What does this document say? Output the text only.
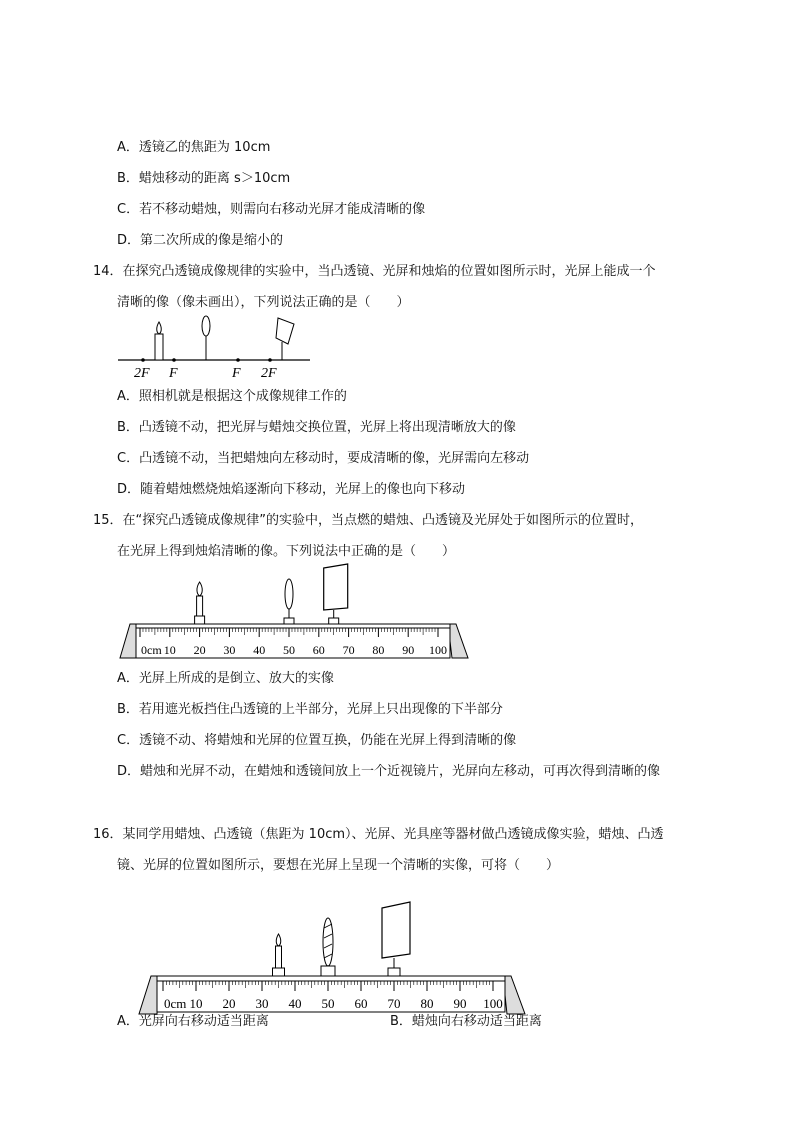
A．透镜乙的焦距为 10cm
B．蜡烛移动的距离 s＞10cm
C．若不移动蜡烛，则需向右移动光屏才能成清晰的像
D．第二次所成的像是缩小的
14．在探究凸透镜成像规律的实验中，当凸透镜、光屏和烛焰的位置如图所示时，光屏上能成一个
清晰的像（像未画出），下列说法正确的是（　　）
2F F	F 2F
A．照相机就是根据这个成像规律工作的
B．凸透镜不动，把光屏与蜡烛交换位置，光屏上将出现清晰放大的像
C．凸透镜不动，当把蜡烛向左移动时，要成清晰的像，光屏需向左移动
D．随着蜡烛燃烧烛焰逐渐向下移动，光屏上的像也向下移动
15．在“探究凸透镜成像规律”的实验中，当点燃的蜡烛、凸透镜及光屏处于如图所示的位置时，
在光屏上得到烛焰清晰的像。下列说法中正确的是（　　）
0cm 10 20 30 40 50 60 70 80 90 100
A．光屏上所成的是倒立、放大的实像
B．若用遮光板挡住凸透镜的上半部分，光屏上只出现像的下半部分
C．透镜不动、将蜡烛和光屏的位置互换，仍能在光屏上得到清晰的像
D．蜡烛和光屏不动，在蜡烛和透镜间放上一个近视镜片，光屏向左移动，可再次得到清晰的像
16．某同学用蜡烛、凸透镜（焦距为 10cm）、光屏、光具座等器材做凸透镜成像实验，蜡烛、凸透
镜、光屏的位置如图所示，要想在光屏上呈现一个清晰的实像，可将（　　）
0cm 10 20 30 40 50 60 70 80 90 100
A．光屏向右移动适当距离	B．蜡烛向右移动适当距离
